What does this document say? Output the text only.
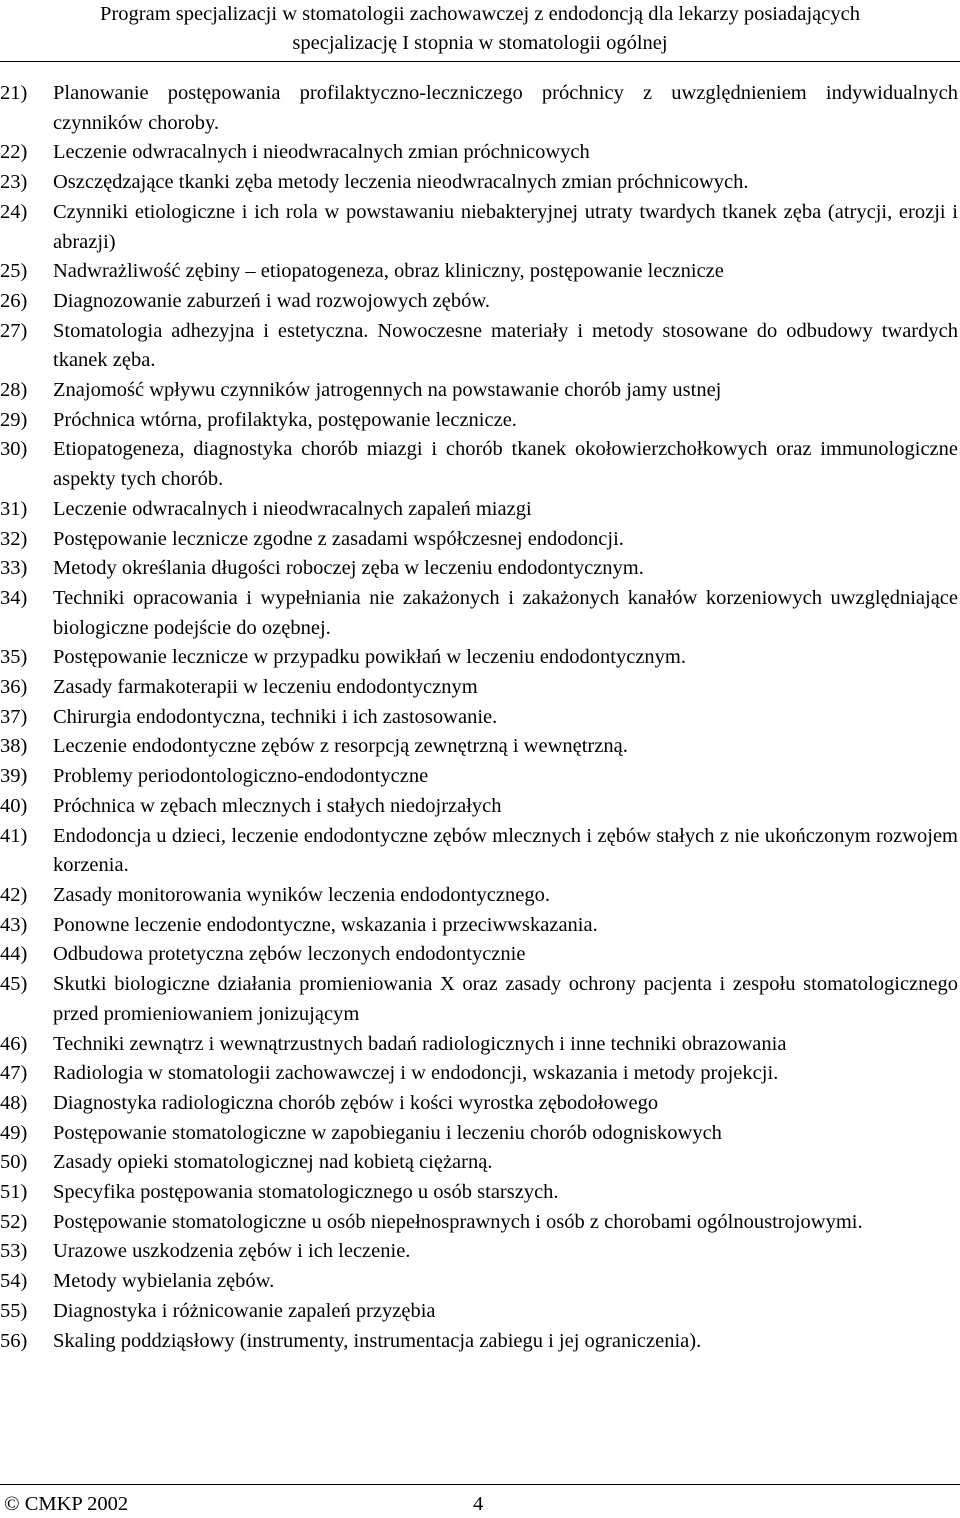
Program specjalizacji w stomatologii zachowawczej z endodoncją dla lekarzy posiadających
specjalizację I stopnia w stomatologii ogólnej
21)	Planowanie postępowania profilaktyczno-leczniczego próchnicy z uwzględnieniem indywidualnych czynników choroby.
22)	Leczenie odwracalnych i nieodwracalnych zmian próchnicowych
23)	Oszczędzające tkanki zęba metody leczenia nieodwracalnych zmian próchnicowych.
24)	Czynniki etiologiczne i ich rola w powstawaniu niebakteryjnej utraty twardych tkanek zęba (atrycji, erozji i abrazji)
25)	Nadwrażliwość zębiny – etiopatogeneza, obraz kliniczny, postępowanie lecznicze
26)	Diagnozowanie zaburzeń i wad rozwojowych zębów.
27)	Stomatologia adhezyjna i estetyczna. Nowoczesne materiały i metody stosowane do odbudowy twardych tkanek zęba.
28)	Znajomość wpływu czynników jatrogennych na powstawanie chorób jamy ustnej
29)	Próchnica wtórna, profilaktyka, postępowanie lecznicze.
30)	Etiopatogeneza, diagnostyka chorób miazgi i chorób tkanek okołowierzchołkowych oraz immunologiczne aspekty tych chorób.
31)	Leczenie odwracalnych i nieodwracalnych zapaleń miazgi
32)	Postępowanie lecznicze zgodne z zasadami współczesnej endodoncji.
33)	Metody określania długości roboczej zęba w leczeniu endodontycznym.
34)	Techniki opracowania i wypełniania nie zakażonych i zakażonych kanałów korzeniowych uwzględniające biologiczne podejście do ozębnej.
35)	Postępowanie lecznicze w przypadku powikłań w leczeniu endodontycznym.
36)	Zasady farmakoterapii w leczeniu endodontycznym
37)	Chirurgia endodontyczna, techniki i ich zastosowanie.
38)	Leczenie endodontyczne zębów z resorpcją zewnętrzną i wewnętrzną.
39)	Problemy periodontologiczno-endodontyczne
40)	Próchnica w zębach mlecznych i stałych niedojrzałych
41)	Endodoncja u dzieci, leczenie endodontyczne zębów mlecznych i zębów stałych z nie ukończonym rozwojem korzenia.
42)	Zasady monitorowania wyników leczenia endodontycznego.
43)	Ponowne leczenie endodontyczne, wskazania i przeciwwskazania.
44)	Odbudowa protetyczna zębów leczonych endodontycznie
45)	Skutki biologiczne działania promieniowania X oraz zasady ochrony pacjenta i zespołu stomatologicznego przed promieniowaniem jonizującym
46)	Techniki zewnątrz i wewnątrzustnych badań radiologicznych i inne techniki obrazowania
47)	Radiologia w stomatologii zachowawczej i w endodoncji, wskazania i metody projekcji.
48)	Diagnostyka radiologiczna chorób zębów i kości wyrostka zębodołowego
49)	Postępowanie stomatologiczne w zapobieganiu i leczeniu chorób odogniskowych
50)	Zasady opieki stomatologicznej nad kobietą ciężarną.
51)	Specyfika postępowania stomatologicznego u osób starszych.
52)	Postępowanie stomatologiczne u osób niepełnosprawnych i osób z chorobami ogólnoustrojowymi.
53)	Urazowe uszkodzenia zębów i ich leczenie.
54)	Metody wybielania zębów.
55)	Diagnostyka i różnicowanie zapaleń przyzębia
56)	Skaling poddziąsłowy (instrumenty, instrumentacja zabiegu i jej ograniczenia).
© CMKP 2002	4
